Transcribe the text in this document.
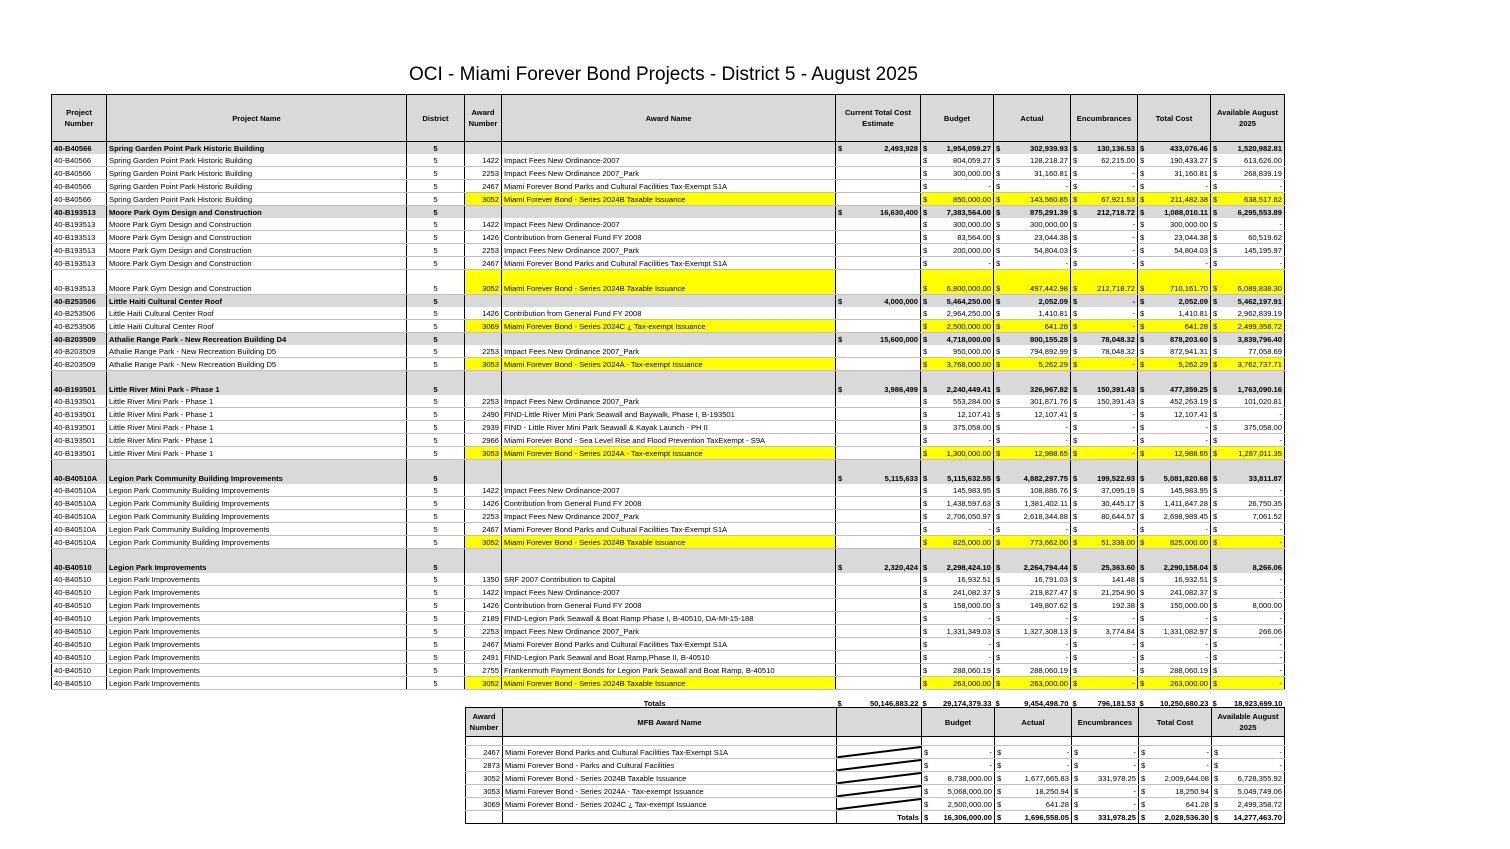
OCI - Miami Forever Bond Projects - District 5 - August 2025
Project Number	Project Name	District	Award Number	Award Name	Current Total Cost Estimate	Budget	Actual	Encumbrances	Total Cost	Available August 2025
40-B40566	Spring Garden Point Park Historic Building	5			$ 2,493,928	$ 1,954,059.27	$ 302,939.93	$ 130,136.53	$ 433,076.46	$ 1,520,982.81

40-B40566	Spring Garden Point Park Historic Building	5	1422	Impact Fees New Ordinance-2007		$ 804,059.27	$ 128,218.27	$ 62,215.00	$ 190,433.27	$ 613,626.00

40-B40566	Spring Garden Point Park Historic Building	5	2253	Impact Fees New Ordinance 2007_Park		$ 300,000.00	$ 31,160.81	$ -	$ 31,160.81	$ 268,839.19

40-B40566	Spring Garden Point Park Historic Building	5	2467	Miami Forever Bond Parks and Cultural Facilities Tax-Exempt S1A		$ -	$ -	$ -	$ -	$ -

40-B40566	Spring Garden Point Park Historic Building	5	3052	Miami Forever Bond - Series 2024B Taxable Issuance		$ 850,000.00	$ 143,560.85	$ 67,921.53	$ 211,482.38	$ 638,517.62

40-B193513	Moore Park Gym Design and Construction	5			$ 16,630,400	$ 7,383,564.00	$ 875,291.39	$ 212,718.72	$ 1,088,010.11	$ 6,295,553.89

40-B193513	Moore Park Gym Design and Construction	5	1422	Impact Fees New Ordinance-2007		$ 300,000.00	$ 300,000.00	$ -	$ 300,000.00	$ -

40-B193513	Moore Park Gym Design and Construction	5	1426	Contribution from General Fund FY 2008		$ 83,564.00	$ 23,044.38	$ -	$ 23,044.38	$ 60,519.62

40-B193513	Moore Park Gym Design and Construction	5	2253	Impact Fees New Ordinance 2007_Park		$ 200,000.00	$ 54,804.03	$ -	$ 54,804.03	$ 145,195.97

40-B193513	Moore Park Gym Design and Construction	5	2467	Miami Forever Bond Parks and Cultural Facilities Tax-Exempt S1A		$ -	$ -	$ -	$ -	$ -

40-B193513	Moore Park Gym Design and Construction	5	3052	Miami Forever Bond - Series 2024B Taxable Issuance		$ 6,800,000.00	$ 497,442.98	$ 212,718.72	$ 710,161.70	$ 6,089,838.30

40-B253506	Little Haiti Cultural Center Roof	5			$ 4,000,000	$ 5,464,250.00	$ 2,052.09	$ -	$ 2,052.09	$ 5,462,197.91

40-B253506	Little Haiti Cultural Center Roof	5	1426	Contribution from General Fund FY 2008		$ 2,964,250.00	$ 1,410.81	$ -	$ 1,410.81	$ 2,962,839.19

40-B253506	Little Haiti Cultural Center Roof	5	3069	Miami Forever Bond - Series 2024C ¿ Tax-exempt Issuance		$ 2,500,000.00	$ 641.28	$ -	$ 641.28	$ 2,499,358.72

40-B203509	Athalie Range Park - New Recreation Building D4	5			$ 15,600,000	$ 4,718,000.00	$ 800,155.28	$ 78,048.32	$ 878,203.60	$ 3,839,796.40

40-B203509	Athalie Range Park - New Recreation Building D5	5	2253	Impact Fees New Ordinance 2007_Park		$ 950,000.00	$ 794,892.99	$ 78,048.32	$ 872,941.31	$ 77,058.69

40-B203509	Athalie Range Park - New Recreation Building D5	5	3053	Miami Forever Bond - Series 2024A - Tax-exempt Issuance		$ 3,768,000.00	$ 5,262.29	$ -	$ 5,262.29	$ 3,762,737.71

40-B193501	Little River Mini Park - Phase 1	5			$ 3,986,499	$ 2,240,449.41	$ 326,967.82	$ 150,391.43	$ 477,359.25	$ 1,763,090.16

40-B193501	Little River Mini Park - Phase 1	5	2253	Impact Fees New Ordinance 2007_Park		$ 553,284.00	$ 301,871.76	$ 150,391.43	$ 452,263.19	$ 101,020.81

40-B193501	Little River Mini Park - Phase 1	5	2490	FIND-Little River Mini Park Seawall and Baywalk, Phase I, B-193501		$ 12,107.41	$ 12,107.41	$ -	$ 12,107.41	$ -

40-B193501	Little River Mini Park - Phase 1	5	2939	FIND - Little River Mini Park Seawall & Kayak Launch - PH II		$ 375,058.00	$ -	$ -	$ -	$ 375,058.00

40-B193501	Little River Mini Park - Phase 1	5	2966	Miami Forever Bond - Sea Level Rise and Flood Prevention TaxExempt - S9A		$ -	$ -	$ -	$ -	$ -

40-B193501	Little River Mini Park - Phase 1	5	3053	Miami Forever Bond - Series 2024A - Tax-exempt Issuance		$ 1,300,000.00	$ 12,988.65	$ -	$ 12,988.65	$ 1,287,011.35

40-B40510A	Legion Park Community Building Improvements	5			$ 5,115,633	$ 5,115,632.55	$ 4,882,297.75	$ 199,522.93	$ 5,081,820.68	$ 33,811.87

40-B40510A	Legion Park Community Building Improvements	5	1422	Impact Fees New Ordinance-2007		$ 145,983.95	$ 108,886.76	$ 37,095.19	$ 145,983.95	$ -

40-B40510A	Legion Park Community Building Improvements	5	1426	Contribution from General Fund FY 2008		$ 1,438,597.63	$ 1,381,402.11	$ 30,445.17	$ 1,411,847.28	$ 26,750.35

40-B40510A	Legion Park Community Building Improvements	5	2253	Impact Fees New Ordinance 2007_Park		$ 2,706,050.97	$ 2,618,344.88	$ 80,644.57	$ 2,698,989.45	$ 7,061.52

40-B40510A	Legion Park Community Building Improvements	5	2467	Miami Forever Bond Parks and Cultural Facilities Tax-Exempt S1A		$ -	$ -	$ -	$ -	$ -

40-B40510A	Legion Park Community Building Improvements	5	3052	Miami Forever Bond - Series 2024B Taxable Issuance		$ 825,000.00	$ 773,662.00	$ 51,338.00	$ 825,000.00	$ -

40-B40510	Legion Park Improvements	5			$ 2,320,424	$ 2,298,424.10	$ 2,264,794.44	$ 25,363.60	$ 2,290,158.04	$ 8,266.06

40-B40510	Legion Park Improvements	5	1350	SRF 2007 Contribution to Capital		$ 16,932.51	$ 16,791.03	$ 141.48	$ 16,932.51	$ -

40-B40510	Legion Park Improvements	5	1422	Impact Fees New Ordinance-2007		$ 241,082.37	$ 219,827.47	$ 21,254.90	$ 241,082.37	$ -

40-B40510	Legion Park Improvements	5	1426	Contribution from General Fund FY 2008		$ 158,000.00	$ 149,807.62	$ 192.38	$ 150,000.00	$ 8,000.00

40-B40510	Legion Park Improvements	5	2189	FIND-Legion Park Seawall & Boat Ramp Phase I, B-40510, DA-MI-15-188		$ -	$ -	$ -	$ -	$ -

40-B40510	Legion Park Improvements	5	2253	Impact Fees New Ordinance 2007_Park		$ 1,331,349.03	$ 1,327,308.13	$ 3,774.84	$ 1,331,082.97	$ 266.06

40-B40510	Legion Park Improvements	5	2467	Miami Forever Bond Parks and Cultural Facilities Tax-Exempt S1A		$ -	$ -	$ -	$ -	$ -

40-B40510	Legion Park Improvements	5	2491	FIND-Legion Park Seawal and Boat Ramp,Phase II, B-40510		$ -	$ -	$ -	$ -	$ -

40-B40510	Legion Park Improvements	5	2755	Frankenmuth Payment Bonds for Legion Park Seawall and Boat Ramp, B-40510		$ 288,060.19	$ 288,060.19	$ -	$ 288,060.19	$ -

40-B40510	Legion Park Improvements	5	3052	Miami Forever Bond - Series 2024B Taxable Issuance		$ 263,000.00	$ 263,000.00	$ -	$ 263,000.00	$ -

Totals					$ 50,146,883.22	$ 29,174,379.33	$ 9,454,498.70	$ 796,181.53	$ 10,250,680.23	$ 18,923,699.10
Award Number	MFB Award Name		Budget	Actual	Encumbrances	Total Cost	Available August 2025

2467	Miami Forever Bond Parks and Cultural Facilities Tax-Exempt S1A		$ -	$ -	$ -	$ -	$ -

2873	Miami Forever Bond - Parks and Cultural Facilities		$ -	$ -	$ -	$ -	$ -

3052	Miami Forever Bond - Series 2024B Taxable Issuance		$ 8,738,000.00	$ 1,677,665.83	$ 331,978.25	$ 2,009,644.08	$ 6,728,355.92

3053	Miami Forever Bond - Series 2024A - Tax-exempt Issuance		$ 5,068,000.00	$ 18,250.94	$ -	$ 18,250.94	$ 5,049,749.06

3069	Miami Forever Bond - Series 2024C ¿ Tax-exempt Issuance		$ 2,500,000.00	$ 641.28	$ -	$ 641.28	$ 2,499,358.72

		Totals	$ 16,306,000.00	$ 1,696,558.05	$ 331,978.25	$ 2,028,536.30	$ 14,277,463.70
